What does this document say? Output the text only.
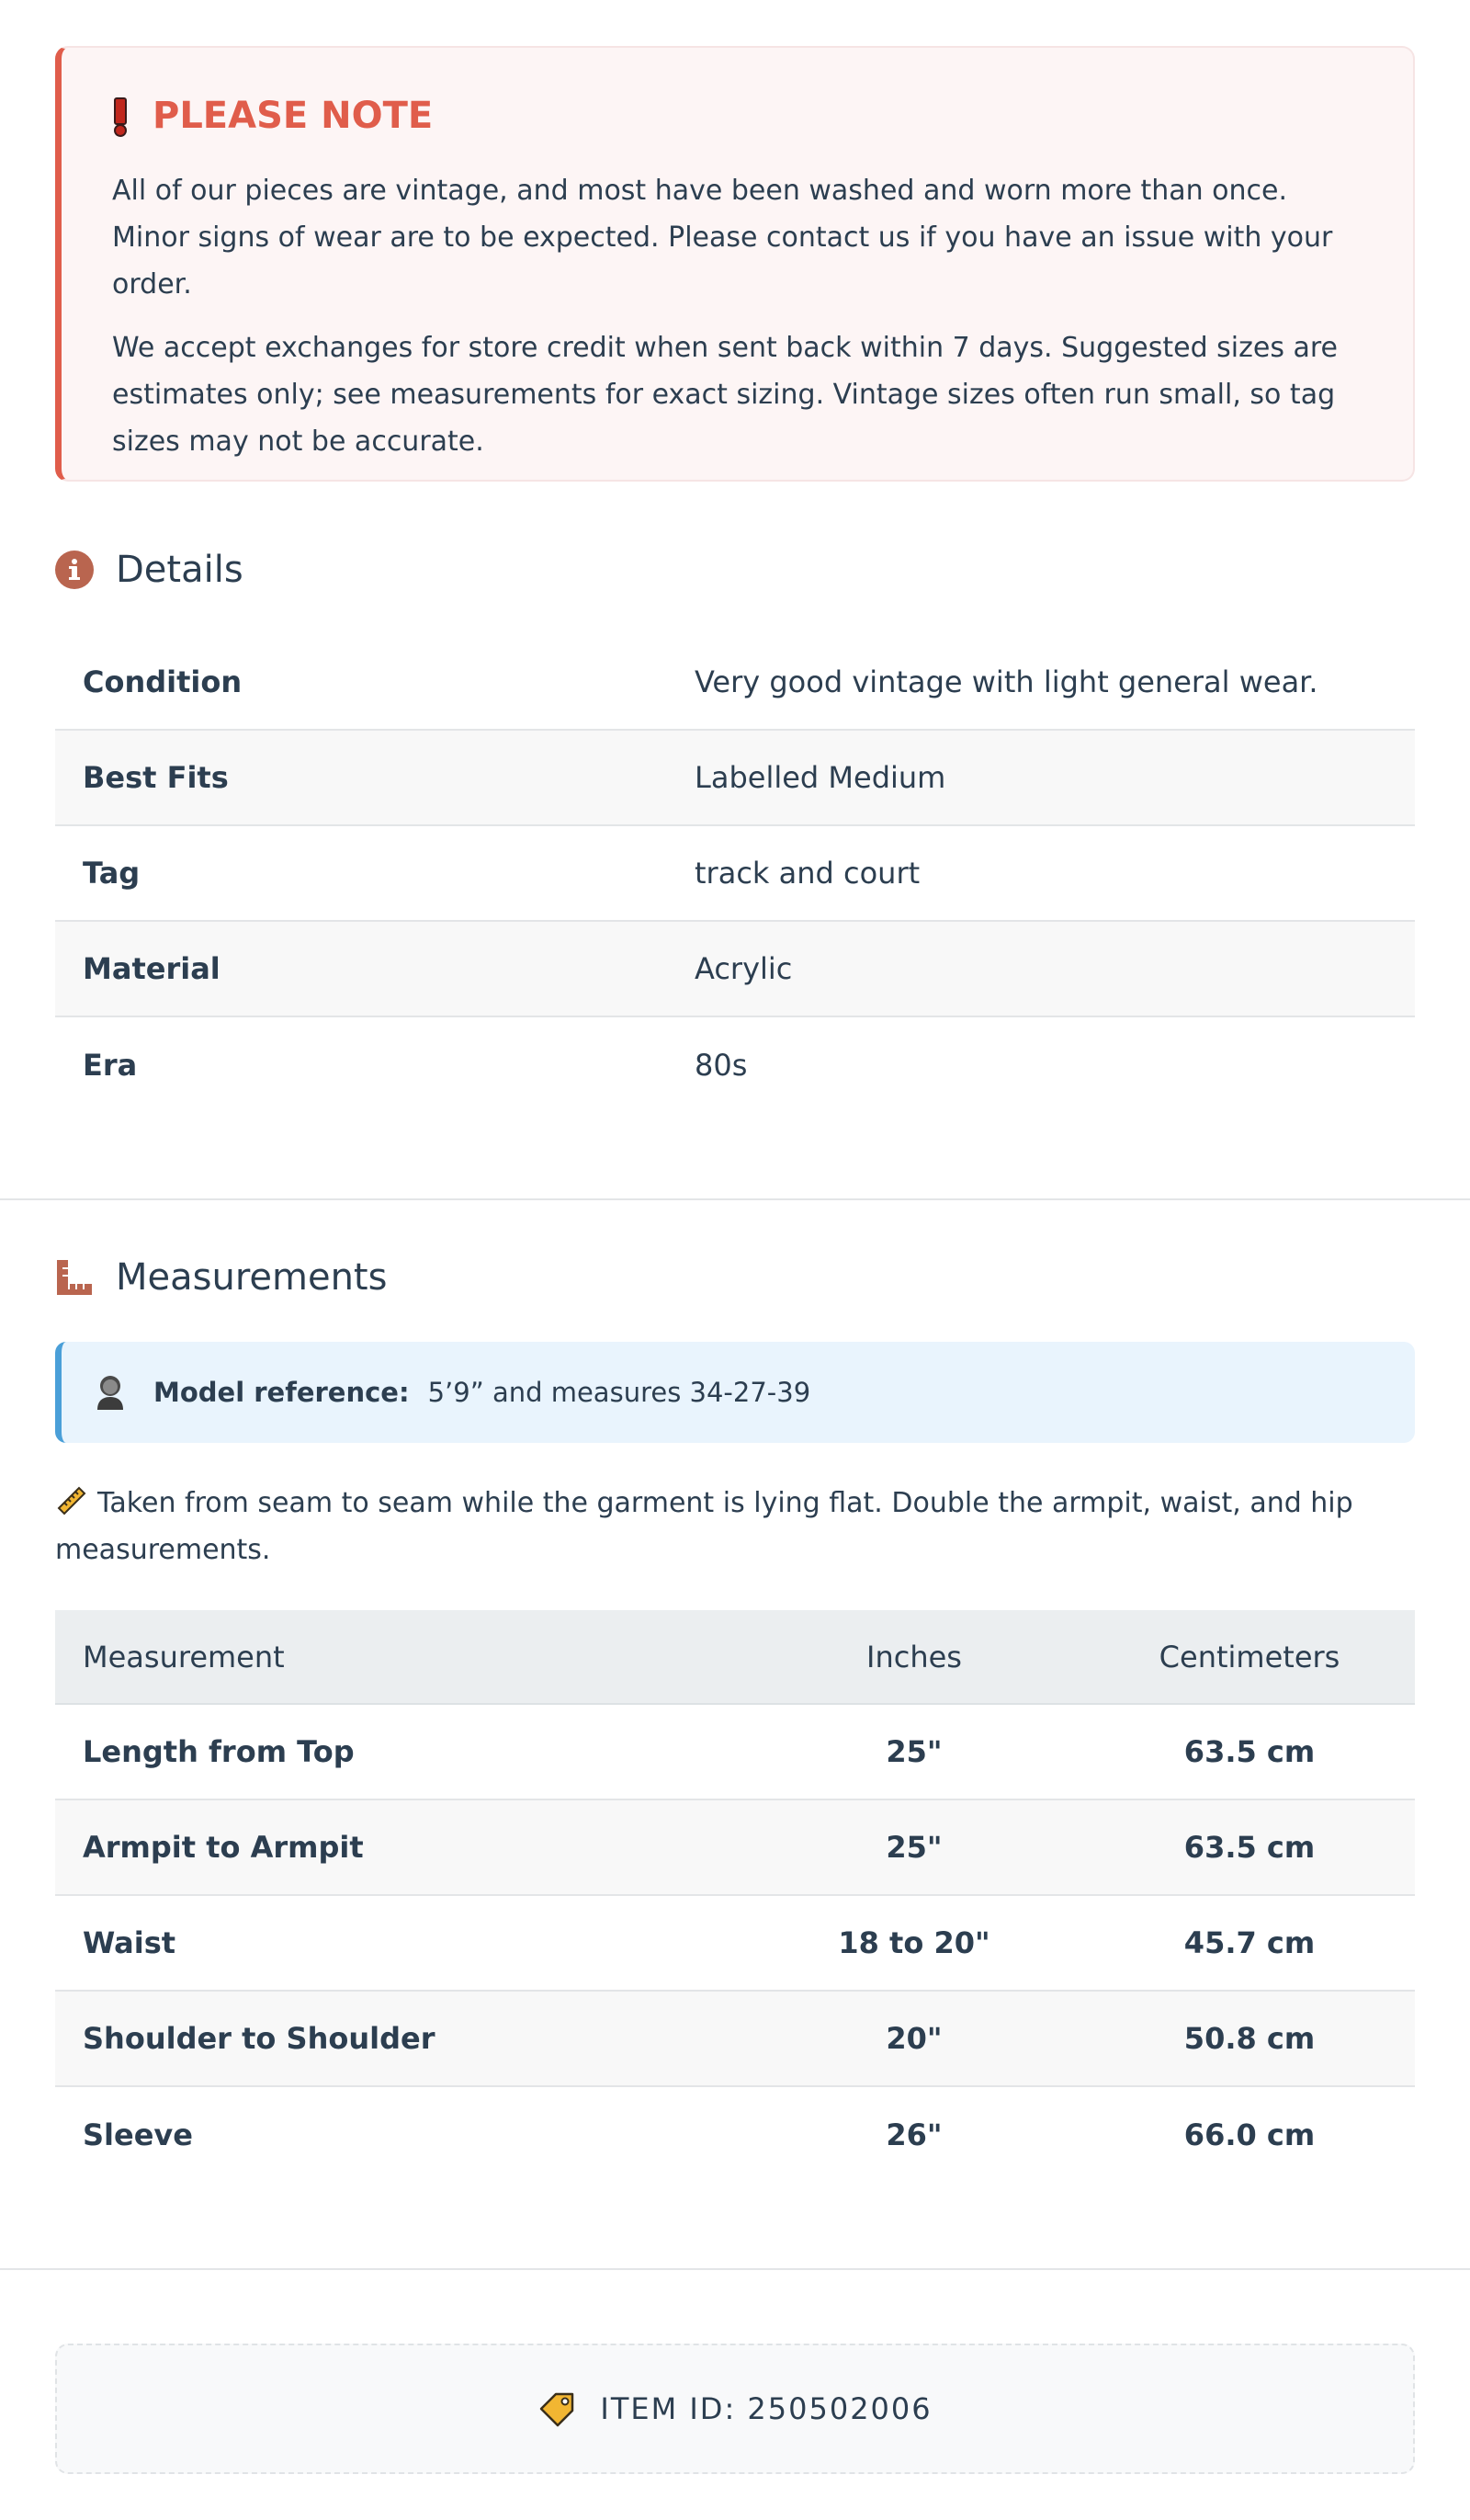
PLEASE NOTE

All of our pieces are vintage, and most have been washed and worn more than once. Minor signs of wear are to be expected. Please contact us if you have an issue with your order.

We accept exchanges for store credit when sent back within 7 days. Suggested sizes are estimates only; see measurements for exact sizing. Vintage sizes often run small, so tag sizes may not be accurate.

Details
Condition	Very good vintage with light general wear.
Best Fits	Labelled Medium
Tag	track and court
Material	Acrylic
Era	80s
Measurements
Model reference: 5’9” and measures 34-27-39
Taken from seam to seam while the garment is lying flat. Double the armpit, waist, and hip measurements.
Measurement	Inches	Centimeters
Length from Top	25"	63.5 cm
Armpit to Armpit	25"	63.5 cm
Waist	18 to 20"	45.7 cm
Shoulder to Shoulder	20"	50.8 cm
Sleeve	26"	66.0 cm
ITEM ID: 250502006
